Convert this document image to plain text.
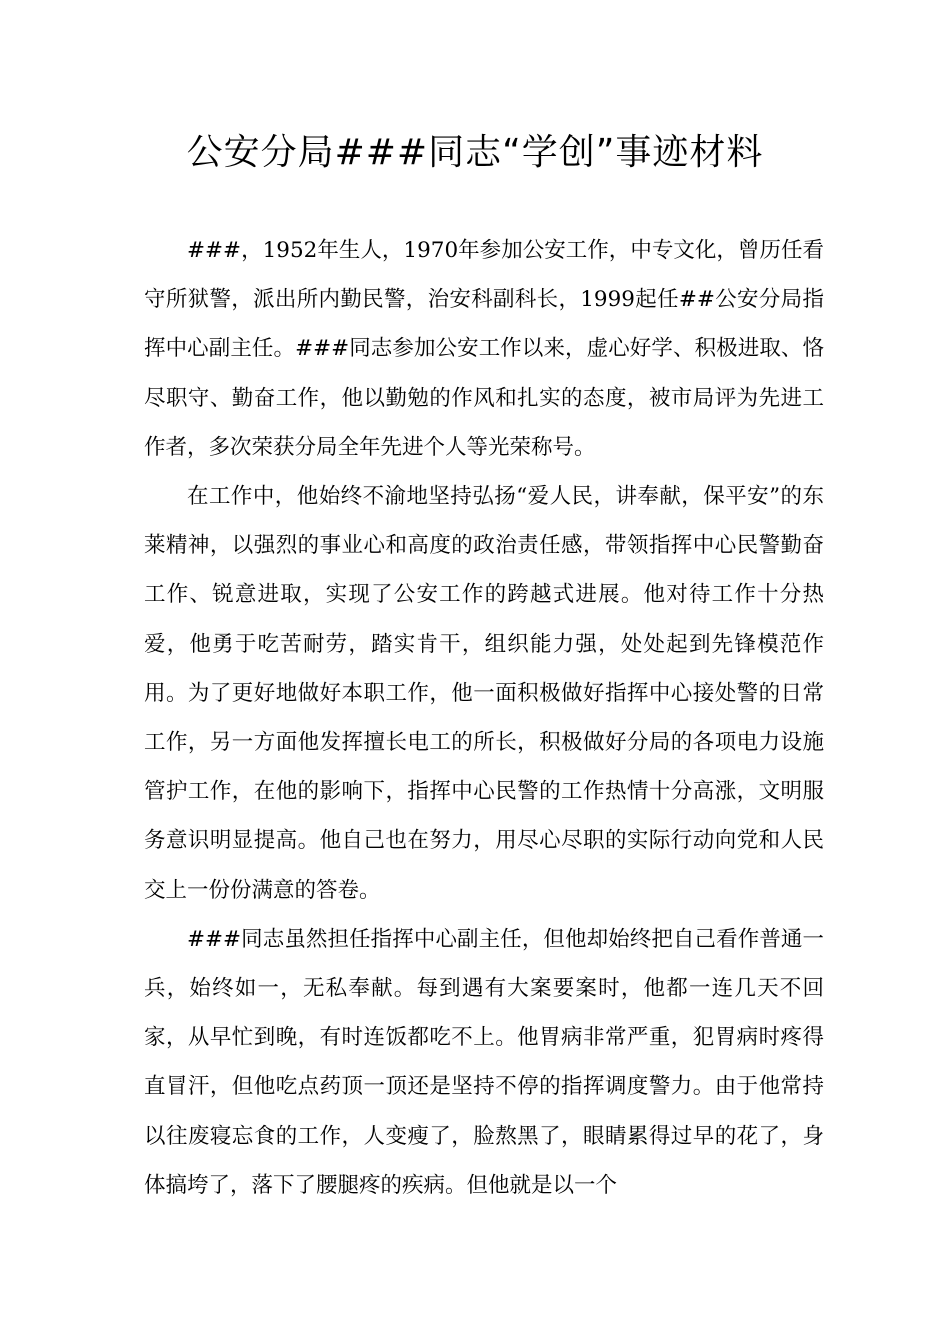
公安分局###同志“学创”事迹材料

###，1952年生人，1970年参加公安工作，中专文化，曾历任看守所狱警，派出所内勤民警，治安科副科长，1999起任##公安分局指挥中心副主任。###同志参加公安工作以来，虚心好学、积极进取、恪尽职守、勤奋工作，他以勤勉的作风和扎实的态度，被市局评为先进工作者，多次荣获分局全年先进个人等光荣称号。

在工作中，他始终不渝地坚持弘扬“爱人民，讲奉献，保平安”的东莱精神，以强烈的事业心和高度的政治责任感，带领指挥中心民警勤奋工作、锐意进取，实现了公安工作的跨越式进展。他对待工作十分热爱，他勇于吃苦耐劳，踏实肯干，组织能力强，处处起到先锋模范作用。为了更好地做好本职工作，他一面积极做好指挥中心接处警的日常工作，另一方面他发挥擅长电工的所长，积极做好分局的各项电力设施管护工作，在他的影响下，指挥中心民警的工作热情十分高涨，文明服务意识明显提高。他自己也在努力，用尽心尽职的实际行动向党和人民交上一份份满意的答卷。

###同志虽然担任指挥中心副主任，但他却始终把自己看作普通一兵，始终如一，无私奉献。每到遇有大案要案时，他都一连几天不回家，从早忙到晚，有时连饭都吃不上。他胃病非常严重，犯胃病时疼得直冒汗，但他吃点药顶一顶还是坚持不停的指挥调度警力。由于他常持以往废寝忘食的工作，人变瘦了，脸熬黑了，眼睛累得过早的花了，身体搞垮了，落下了腰腿疼的疾病。但他就是以一个
